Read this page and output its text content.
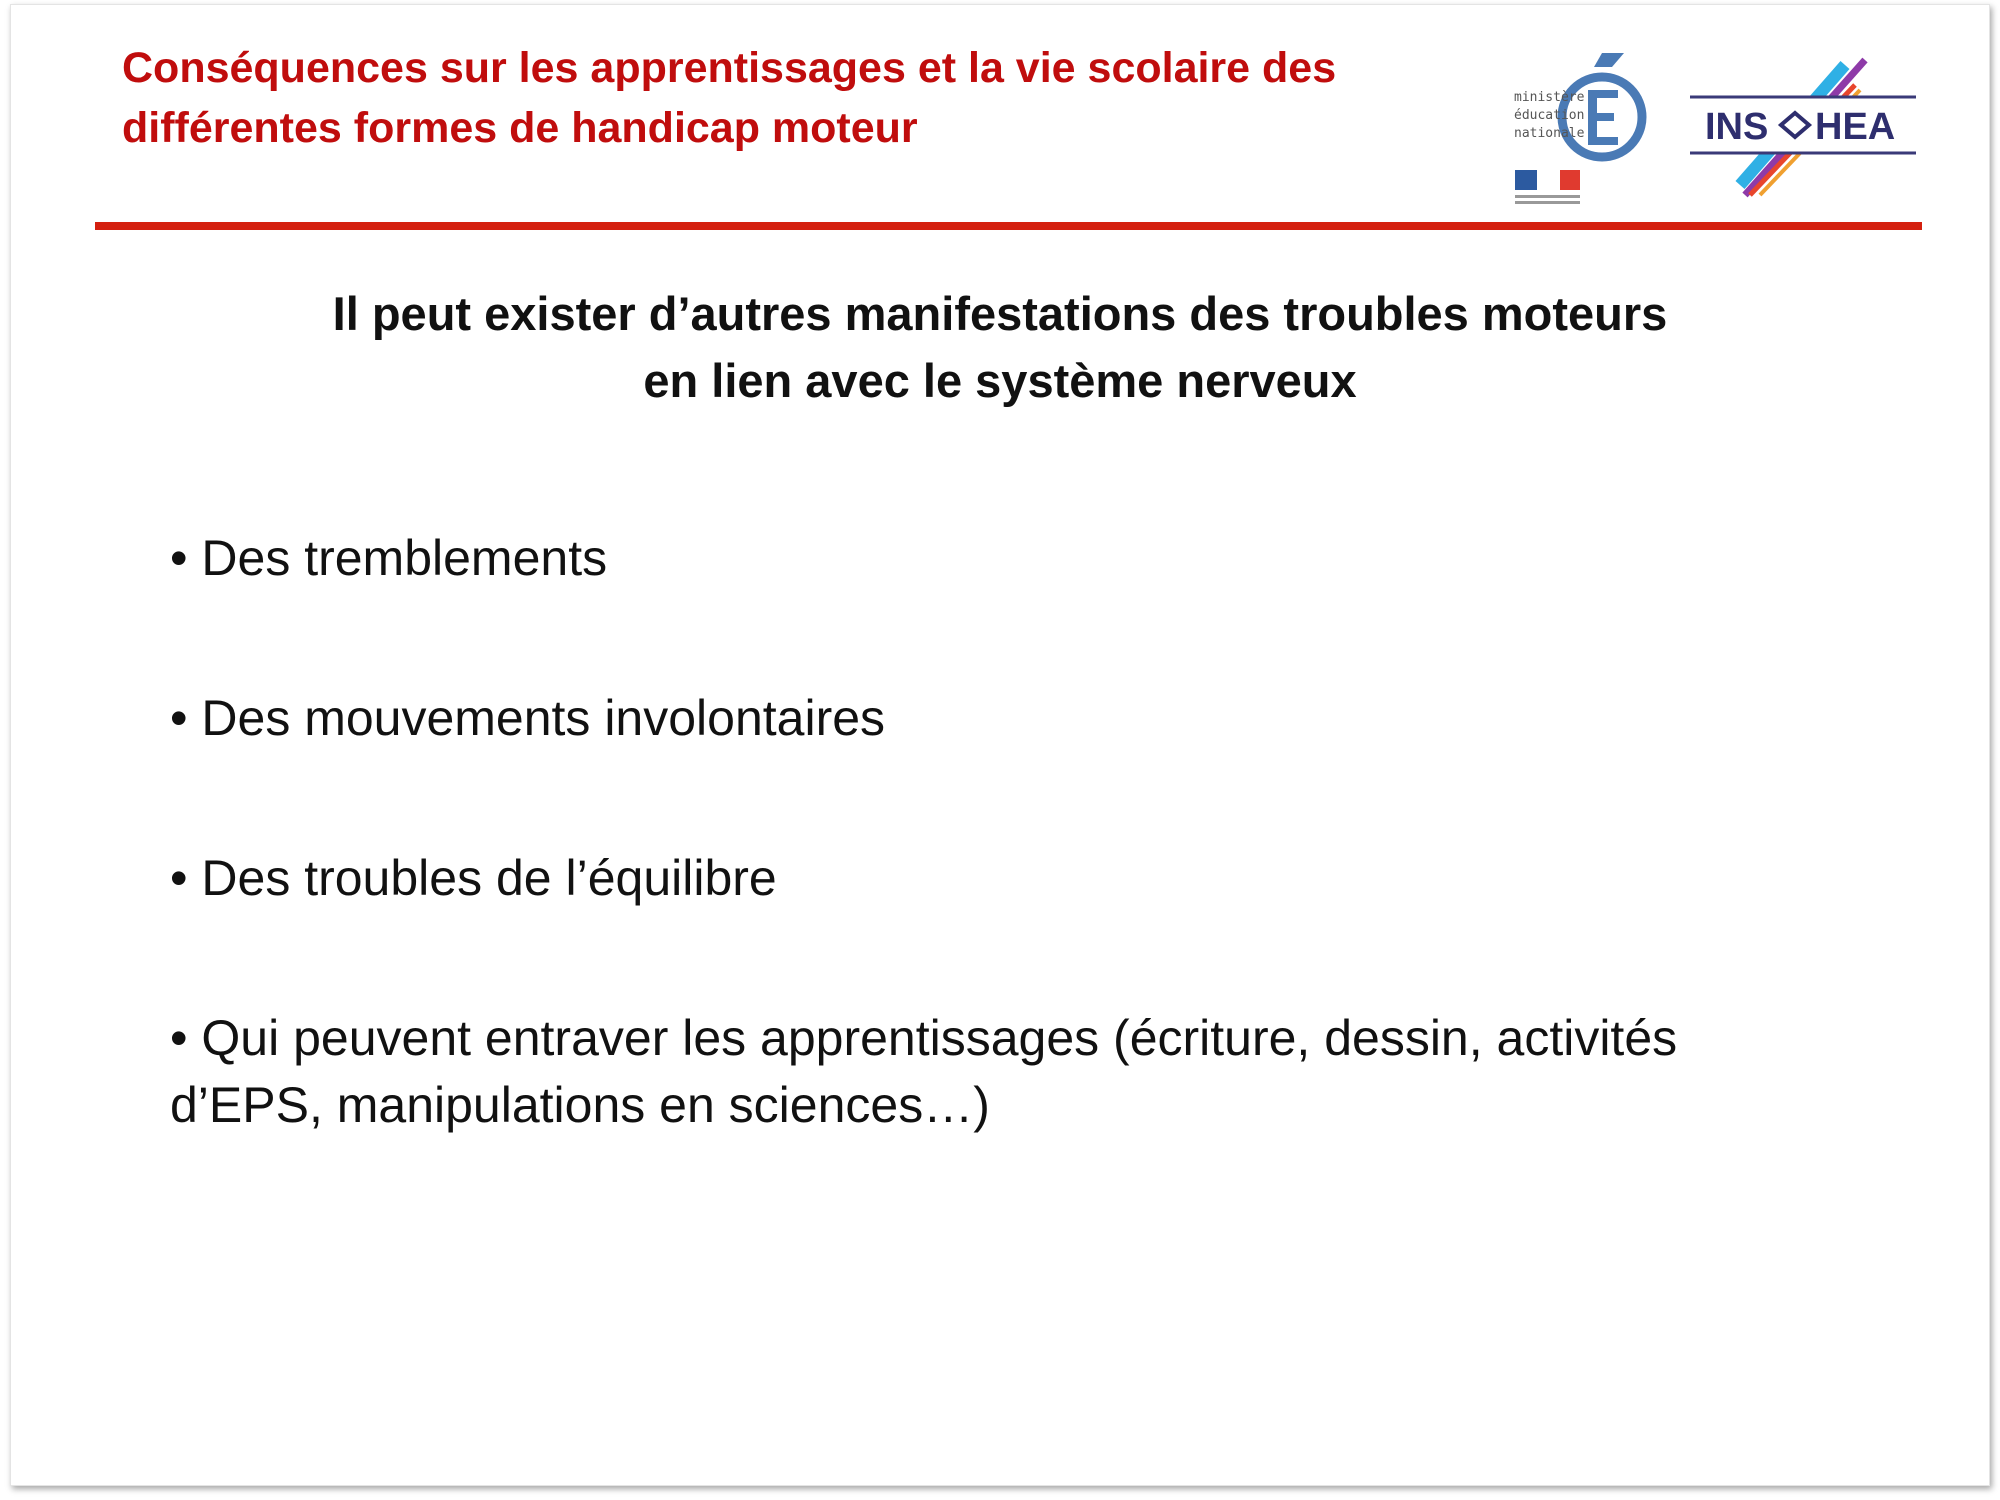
Conséquences sur les apprentissages et la vie scolaire des
différentes formes de handicap moteur
ministère
éducation
nationale	INS HEA
Il peut exister d’autres manifestations des troubles moteurs
en lien avec le système nerveux
• Des tremblements
• Des mouvements involontaires
• Des troubles de l’équilibre
• Qui peuvent entraver les apprentissages (écriture, dessin, activités
d’EPS, manipulations en sciences…)
